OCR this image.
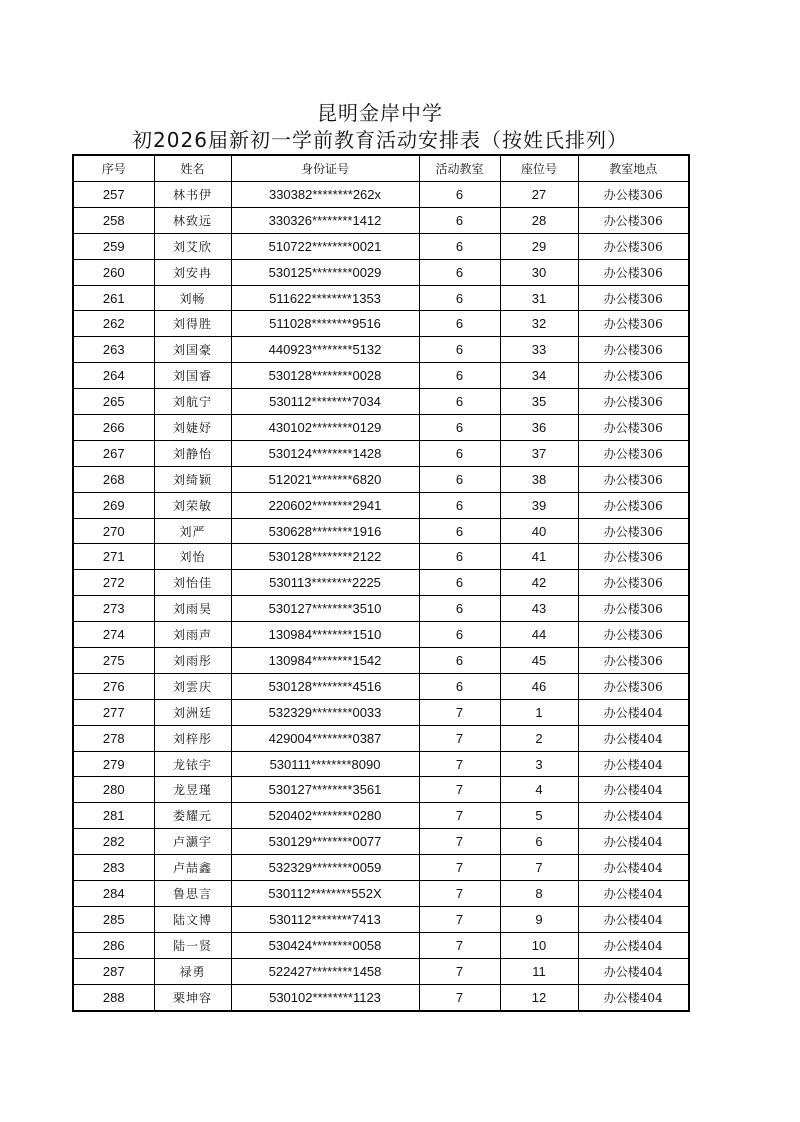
昆明金岸中学
初2026届新初一学前教育活动安排表（按姓氏排列）
序号	姓名	身份证号	活动教室	座位号	教室地点
257	林书伊	330382********262x	6	27	办公楼306
258	林致远	330326********1412	6	28	办公楼306
259	刘艾欣	510722********0021	6	29	办公楼306
260	刘安冉	530125********0029	6	30	办公楼306
261	刘畅	511622********1353	6	31	办公楼306
262	刘得胜	511028********9516	6	32	办公楼306
263	刘国豪	440923********5132	6	33	办公楼306
264	刘国睿	530128********0028	6	34	办公楼306
265	刘航宁	530112********7034	6	35	办公楼306
266	刘婕妤	430102********0129	6	36	办公楼306
267	刘静怡	530124********1428	6	37	办公楼306
268	刘绮颖	512021********6820	6	38	办公楼306
269	刘荣敏	220602********2941	6	39	办公楼306
270	刘严	530628********1916	6	40	办公楼306
271	刘怡	530128********2122	6	41	办公楼306
272	刘怡佳	530113********2225	6	42	办公楼306
273	刘雨昊	530127********3510	6	43	办公楼306
274	刘雨声	130984********1510	6	44	办公楼306
275	刘雨彤	130984********1542	6	45	办公楼306
276	刘雲庆	530128********4516	6	46	办公楼306
277	刘洲廷	532329********0033	7	1	办公楼404
278	刘梓彤	429004********0387	7	2	办公楼404
279	龙铱宇	530111********8090	7	3	办公楼404
280	龙昱瑾	530127********3561	7	4	办公楼404
281	娄耀元	520402********0280	7	5	办公楼404
282	卢灏宇	530129********0077	7	6	办公楼404
283	卢喆鑫	532329********0059	7	7	办公楼404
284	鲁思言	530112********552X	7	8	办公楼404
285	陆文博	530112********7413	7	9	办公楼404
286	陆一贤	530424********0058	7	10	办公楼404
287	禄勇	522427********1458	7	11	办公楼404
288	栗坤容	530102********1123	7	12	办公楼404
